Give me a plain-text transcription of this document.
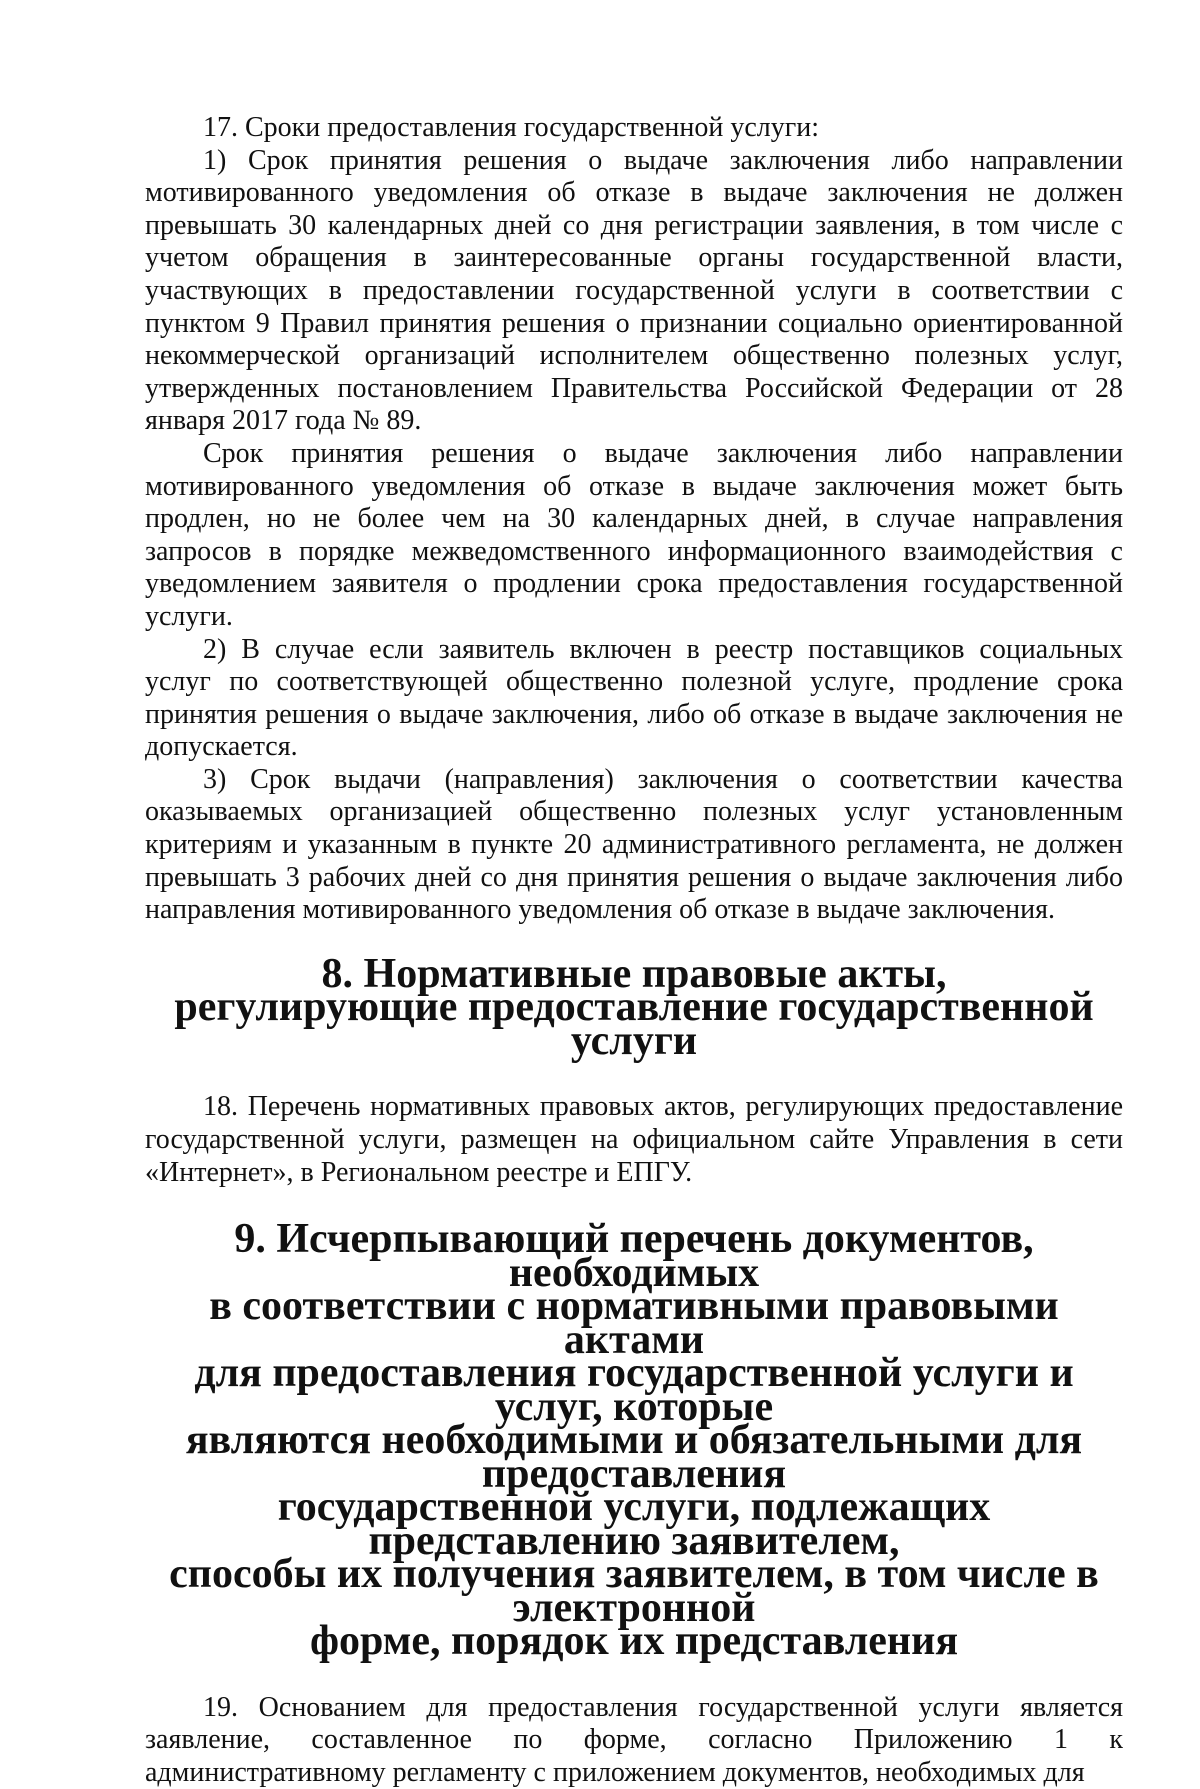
17. Сроки предоставления государственной услуги:

1) Срок принятия решения о выдаче заключения либо направлении мотивированного уведомления об отказе в выдаче заключения не должен превышать 30 календарных дней со дня регистрации заявления, в том числе с учетом обращения в заинтересованные органы государственной власти, участвующих в предоставлении государственной услуги в соответствии с пунктом 9 Правил принятия решения о признании социально ориентированной некоммерческой организаций исполнителем общественно полезных услуг, утвержденных постановлением Правительства Российской Федерации от 28 января 2017 года № 89.

Срок принятия решения о выдаче заключения либо направлении мотивированного уведомления об отказе в выдаче заключения может быть продлен, но не более чем на 30 календарных дней, в случае направления запросов в порядке межведомственного информационного взаимодействия с уведомлением заявителя о продлении срока предоставления государственной услуги.

2) В случае если заявитель включен в реестр поставщиков социальных услуг по соответствующей общественно полезной услуге, продление срока принятия решения о выдаче заключения, либо об отказе в выдаче заключения не допускается.

3) Срок выдачи (направления) заключения о соответствии качества оказываемых организацией общественно полезных услуг установленным критериям и указанным в пункте 20 административного регламента, не должен превышать 3 рабочих дней со дня принятия решения о выдаче заключения либо направления мотивированного уведомления об отказе в выдаче заключения.

8. Нормативные правовые акты,
регулирующие предоставление государственной услуги

18. Перечень нормативных правовых актов, регулирующих предоставление государственной услуги, размещен на официальном сайте Управления в сети «Интернет», в Региональном реестре и ЕПГУ.

9. Исчерпывающий перечень документов, необходимых
в соответствии с нормативными правовыми актами
для предоставления государственной услуги и услуг, которые
являются необходимыми и обязательными для предоставления
государственной услуги, подлежащих представлению заявителем,
способы их получения заявителем, в том числе в электронной
форме, порядок их представления

19. Основанием для предоставления государственной услуги является заявление, составленное по форме, согласно Приложению 1 к административному регламенту с приложением документов, необходимых для
